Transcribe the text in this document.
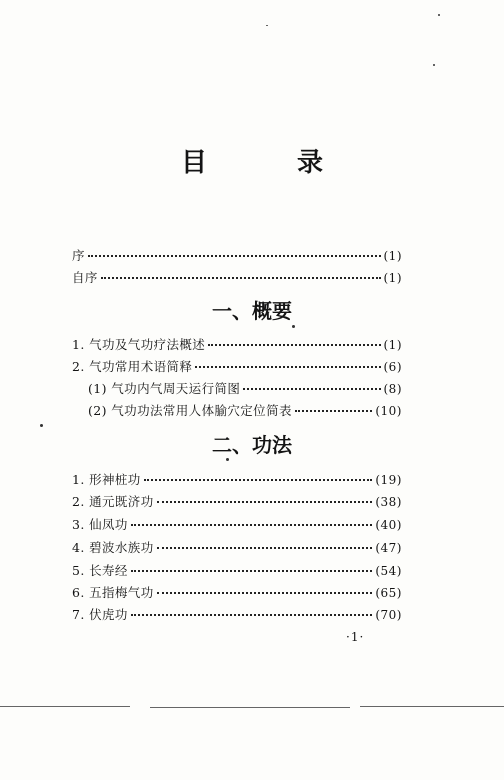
目	录
序	(1)
自序	(1)
一、概要
1. 气功及气功疗法概述	(1)
2. 气功常用术语简释	(6)
(1) 气功内气周天运行简图	(8)
(2) 气功功法常用人体腧穴定位简表	(10)
二、功法
1. 形神桩功	(19)
2. 通元既济功	(38)
3. 仙凤功	(40)
4. 碧波水族功	(47)
5. 长寿经	(54)
6. 五指梅气功	(65)
7. 伏虎功	(70)
·1·
